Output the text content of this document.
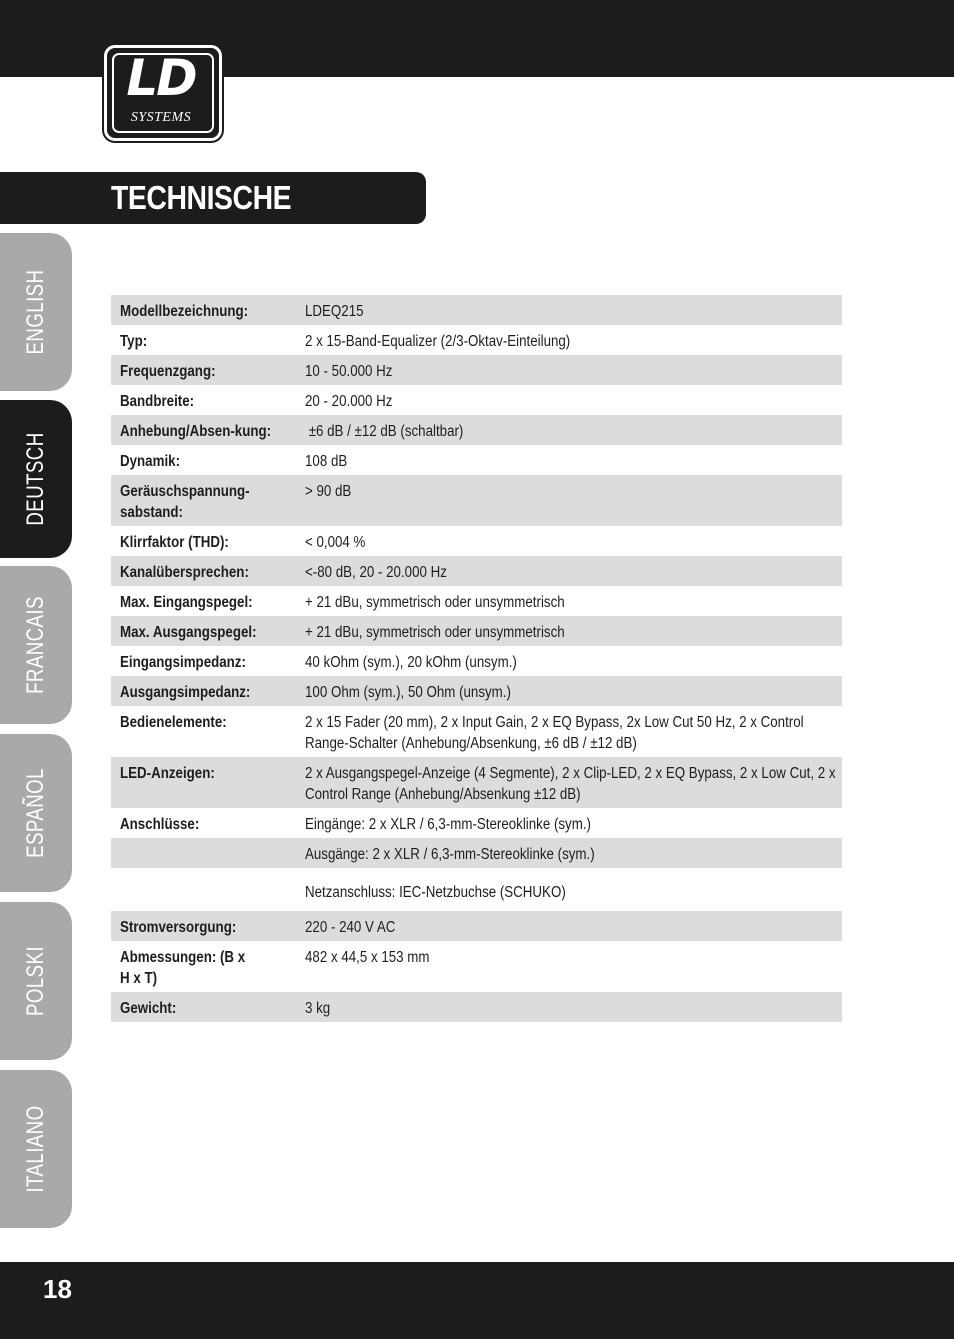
LD
SYSTEMS
TECHNISCHE DATEN:
ENGLISH
DEUTSCH
FRANCAIS
ESPAÑOL
POLSKI
ITALIANO
Modellbezeichnung:	LDEQ215
Typ:	2 x 15-Band-Equalizer (2/3-Oktav-Einteilung)
Frequenzgang:	10 - 50.000 Hz
Bandbreite:	20 - 20.000 Hz
Anhebung/Absen-kung:	±6 dB / ±12 dB (schaltbar)
Dynamik:	108 dB
Geräuschspannung-sabstand:	> 90 dB
Klirrfaktor (THD):	< 0,004 %
Kanalübersprechen:	<-80 dB, 20 - 20.000 Hz
Max. Eingangspegel:	+ 21 dBu, symmetrisch oder unsymmetrisch
Max. Ausgangspegel:	+ 21 dBu, symmetrisch oder unsymmetrisch
Eingangsimpedanz:	40 kOhm (sym.), 20 kOhm (unsym.)
Ausgangsimpedanz:	100 Ohm (sym.), 50 Ohm (unsym.)
Bedienelemente:	2 x 15 Fader (20 mm), 2 x Input Gain, 2 x EQ Bypass, 2x Low Cut 50 Hz, 2 x Control Range-Schalter (Anhebung/Absenkung, ±6 dB / ±12 dB)
LED-Anzeigen:	2 x Ausgangspegel-Anzeige (4 Segmente), 2 x Clip-LED, 2 x EQ Bypass, 2 x Low Cut, 2 x Control Range (Anhebung/Absenkung ±12 dB)
Anschlüsse:	Eingänge: 2 x XLR / 6,3-mm-Stereoklinke (sym.)
	Ausgänge: 2 x XLR / 6,3-mm-Stereoklinke (sym.)
	Netzanschluss: IEC-Netzbuchse (SCHUKO)
Stromversorgung:	220 - 240 V AC
Abmessungen: (B x H x T)	482 x 44,5 x 153 mm
Gewicht:	3 kg
18
